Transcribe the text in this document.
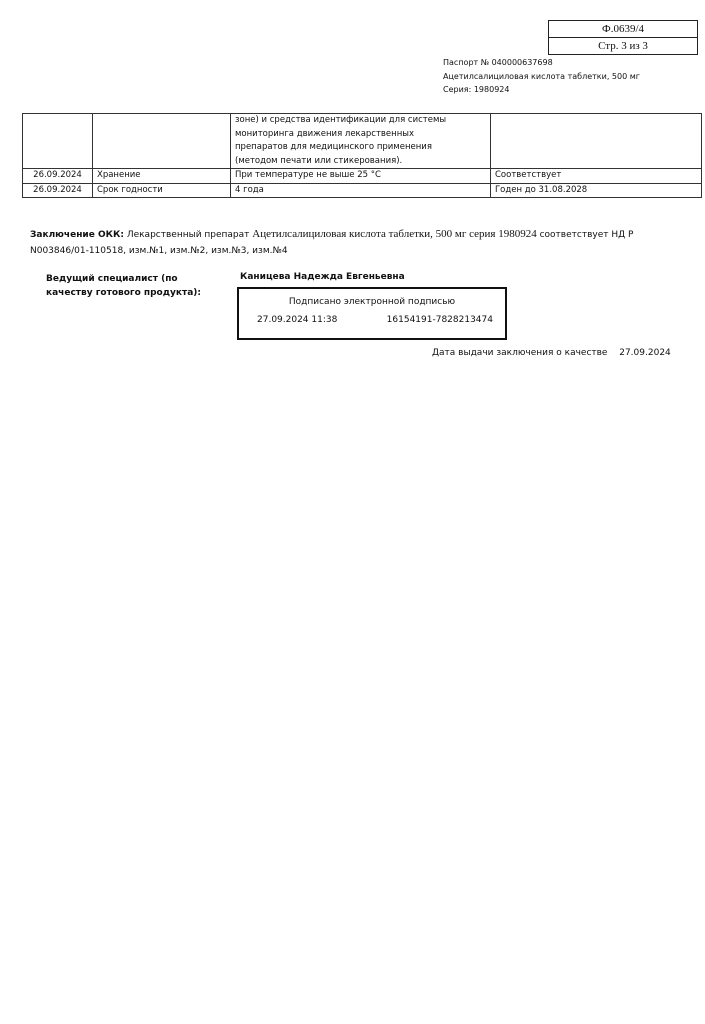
Ф.0639/4
Стр. 3 из 3
Паспорт № 040000637698
Ацетилсалициловая кислота таблетки, 500 мг
Серия: 1980924

		зоне) и средства идентификации для системы
мониторинга движения лекарственных
препаратов для медицинского применения
(методом печати или стикерования).	

26.09.2024	Хранение	При температуре не выше 25 °C	Соответствует
26.09.2024	Срок годности	4 года	Годен до 31.08.2028
Заключение ОКК: Лекарственный препарат Ацетилсалициловая кислота таблетки, 500 мг серия 1980924 соответствует НД Р
N003846/01-110518, изм.№1, изм.№2, изм.№3, изм.№4
Ведущий специалист (по качеству готового продукта):
Каницева Надежда Евгеньевна
Подписано электронной подписью
27.09.2024 11:38	16154191-7828213474
Дата выдачи заключения о качестве 27.09.2024
